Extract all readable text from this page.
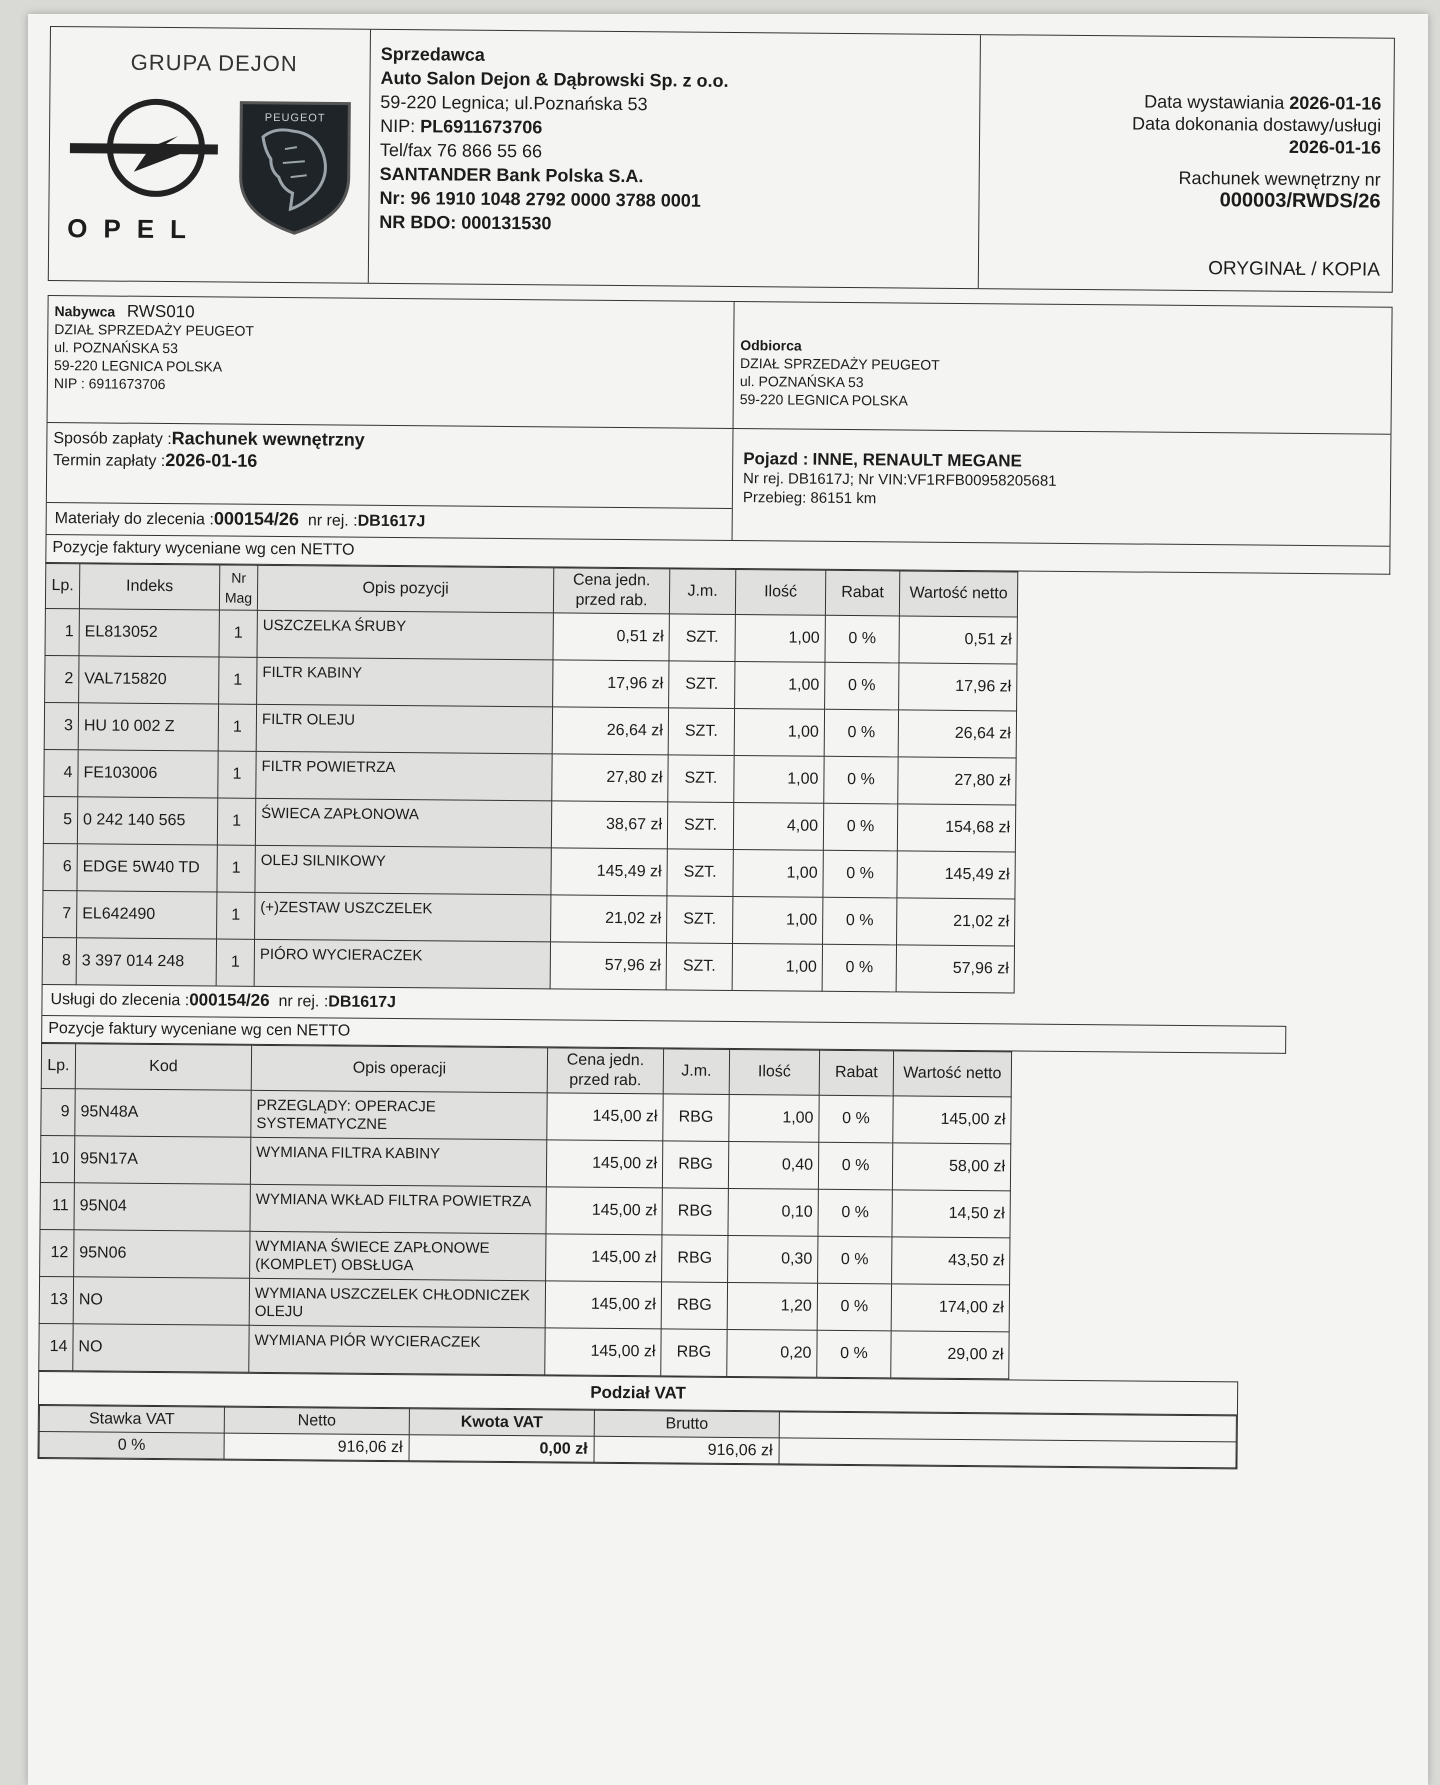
GRUPA DEJON
OPEL
PEUGEOT
Sprzedawca
Auto Salon Dejon & Dąbrowski Sp. z o.o.
59-220 Legnica; ul.Poznańska 53
NIP: PL6911673706
Tel/fax 76 866 55 66
SANTANDER Bank Polska S.A.
Nr: 96 1910 1048 2792 0000 3788 0001
NR BDO: 000131530
Data wystawiania 2026-01-16
Data dokonania dostawy/usługi
2026-01-16
Rachunek wewnętrzny nr
000003/RWDS/26
ORYGINAŁ / KOPIA
Nabywca RWS010
DZIAŁ SPRZEDAŻY PEUGEOT
ul. POZNAŃSKA 53
59-220 LEGNICA POLSKA
NIP : 6911673706
Odbiorca
DZIAŁ SPRZEDAŻY PEUGEOT
ul. POZNAŃSKA 53
59-220 LEGNICA POLSKA
Sposób zapłaty :Rachunek wewnętrzny
Termin zapłaty :2026-01-16
Materiały do zlecenia :000154/26 nr rej. :DB1617J
Pojazd : INNE, RENAULT MEGANE
Nr rej. DB1617J; Nr VIN:VF1RFB00958205681
Przebieg: 86151 km
Pozycje faktury wyceniane wg cen NETTO
Lp.	Indeks	Nr Mag	Opis pozycji	Cena jedn. przed rab.	J.m.	Ilość	Rabat	Wartość netto
1	EL813052	1	USZCZELKA ŚRUBY	0,51 zł	SZT.	1,00	0 %	0,51 zł
2	VAL715820	1	FILTR KABINY	17,96 zł	SZT.	1,00	0 %	17,96 zł
3	HU 10 002 Z	1	FILTR OLEJU	26,64 zł	SZT.	1,00	0 %	26,64 zł
4	FE103006	1	FILTR POWIETRZA	27,80 zł	SZT.	1,00	0 %	27,80 zł
5	0 242 140 565	1	ŚWIECA ZAPŁONOWA	38,67 zł	SZT.	4,00	0 %	154,68 zł
6	EDGE 5W40 TD	1	OLEJ SILNIKOWY	145,49 zł	SZT.	1,00	0 %	145,49 zł
7	EL642490	1	(+)ZESTAW USZCZELEK	21,02 zł	SZT.	1,00	0 %	21,02 zł
8	3 397 014 248	1	PIÓRO WYCIERACZEK	57,96 zł	SZT.	1,00	0 %	57,96 zł
Usługi do zlecenia :000154/26 nr rej. :DB1617J
Pozycje faktury wyceniane wg cen NETTO
Lp.	Kod	Opis operacji	Cena jedn. przed rab.	J.m.	Ilość	Rabat	Wartość netto
9	95N48A	PRZEGLĄDY: OPERACJE SYSTEMATYCZNE	145,00 zł	RBG	1,00	0 %	145,00 zł
10	95N17A	WYMIANA FILTRA KABINY	145,00 zł	RBG	0,40	0 %	58,00 zł
11	95N04	WYMIANA WKŁAD FILTRA POWIETRZA	145,00 zł	RBG	0,10	0 %	14,50 zł
12	95N06	WYMIANA ŚWIECE ZAPŁONOWE (KOMPLET) OBSŁUGA	145,00 zł	RBG	0,30	0 %	43,50 zł
13	NO	WYMIANA USZCZELEK CHŁODNICZEK OLEJU	145,00 zł	RBG	1,20	0 %	174,00 zł
14	NO	WYMIANA PIÓR WYCIERACZEK	145,00 zł	RBG	0,20	0 %	29,00 zł
Podział VAT
Stawka VAT	Netto	Kwota VAT	Brutto	
0 %	916,06 zł	0,00 zł	916,06 zł	
